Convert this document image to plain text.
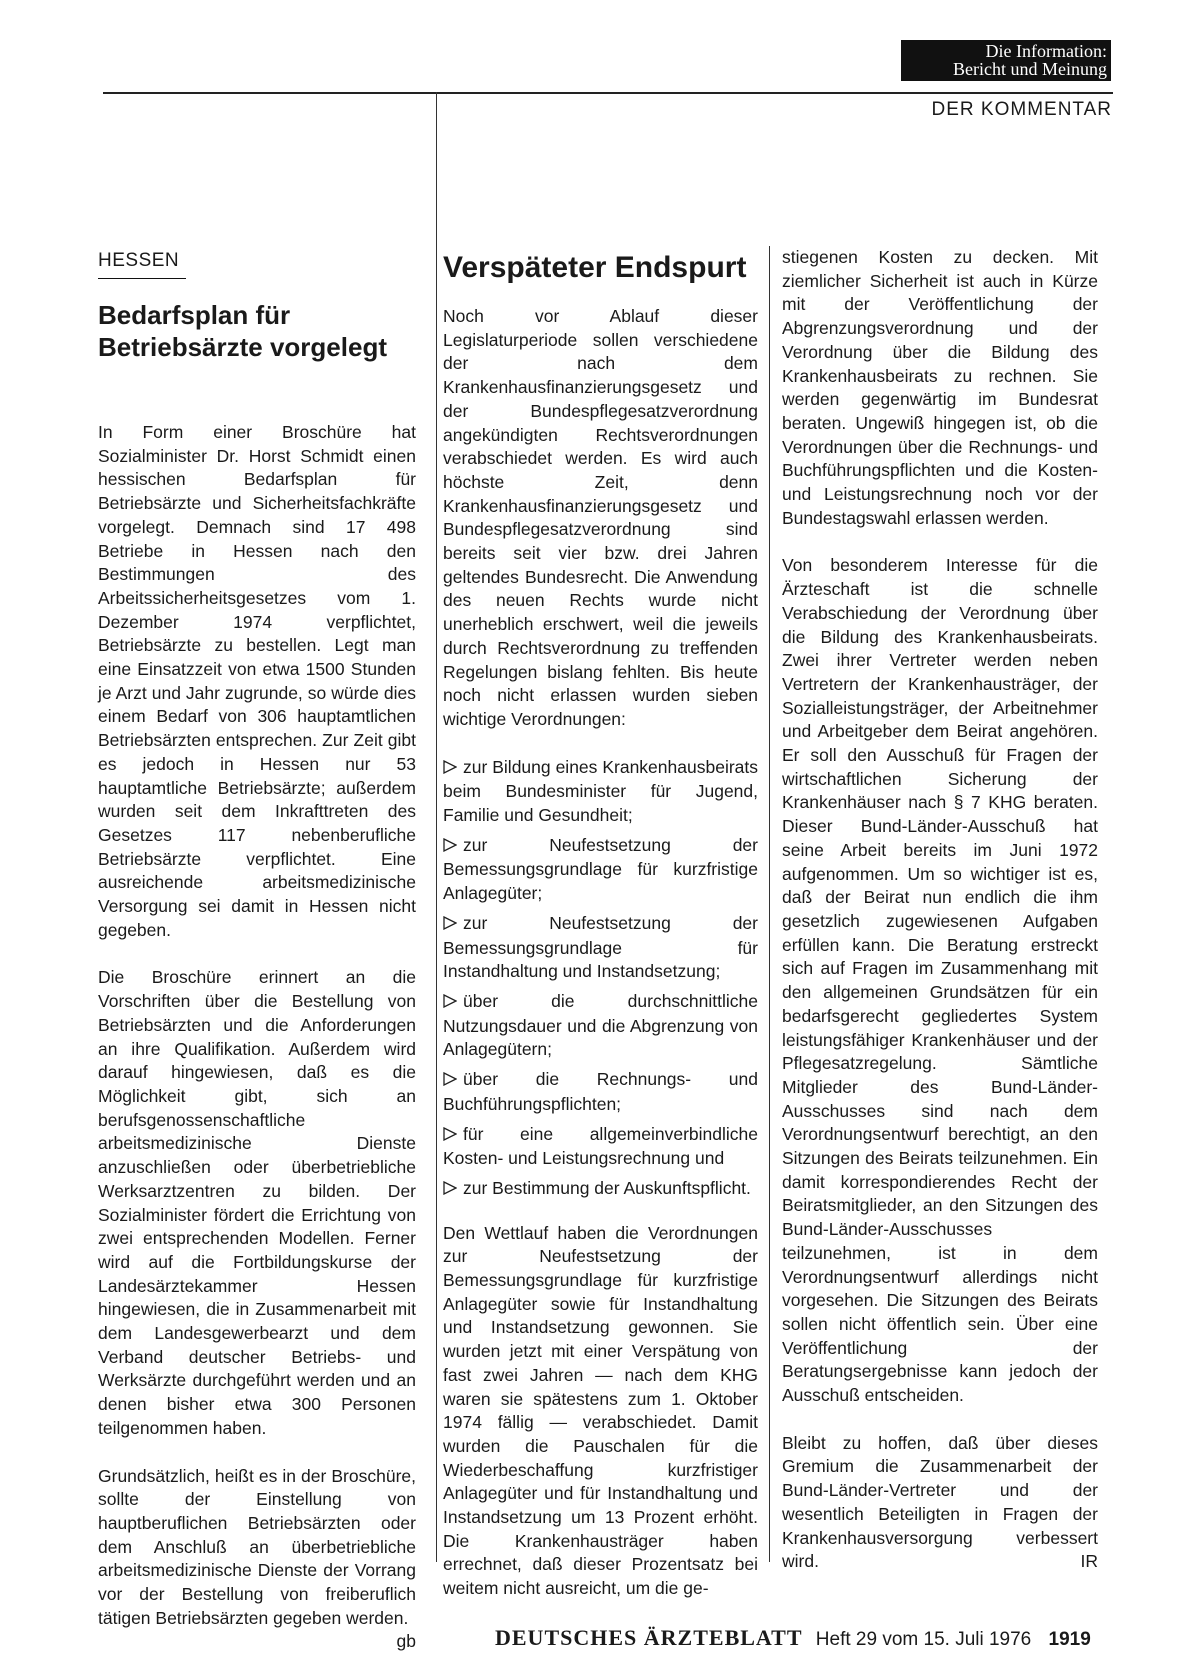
Die Information:
Bericht und Meinung
DER KOMMENTAR
HESSEN
Bedarfsplan für Betriebsärzte vorgelegt

In Form einer Broschüre hat Sozialminister Dr. Horst Schmidt einen hessischen Bedarfsplan für Betriebsärzte und Sicherheitsfachkräfte vorgelegt. Demnach sind 17 498 Betriebe in Hessen nach den Bestimmungen des Arbeitssicherheitsgesetzes vom 1. Dezember 1974 verpflichtet, Betriebsärzte zu bestellen. Legt man eine Einsatzzeit von etwa 1500 Stunden je Arzt und Jahr zugrunde, so würde dies einem Bedarf von 306 hauptamtlichen Betriebsärzten entsprechen. Zur Zeit gibt es jedoch in Hessen nur 53 hauptamtliche Betriebsärzte; außerdem wurden seit dem Inkrafttreten des Gesetzes 117 nebenberufliche Betriebsärzte verpflichtet. Eine ausreichende arbeitsmedizinische Versorgung sei damit in Hessen nicht gegeben.

Die Broschüre erinnert an die Vorschriften über die Bestellung von Betriebsärzten und die Anforderungen an ihre Qualifikation. Außerdem wird darauf hingewiesen, daß es die Möglichkeit gibt, sich an berufsgenossenschaftliche arbeitsmedizinische Dienste anzuschließen oder überbetriebliche Werksarztzentren zu bilden. Der Sozialminister fördert die Errichtung von zwei entsprechenden Modellen. Ferner wird auf die Fortbildungskurse der Landesärztekammer Hessen hingewiesen, die in Zusammenarbeit mit dem Landesgewerbearzt und dem Verband deutscher Betriebs- und Werksärzte durchgeführt werden und an denen bisher etwa 300 Personen teilgenommen haben.

Grundsätzlich, heißt es in der Broschüre, sollte der Einstellung von hauptberuflichen Betriebsärzten oder dem Anschluß an überbetriebliche arbeitsmedizinische Dienste der Vorrang vor der Bestellung von freiberuflich tätigen Betriebsärzten gegeben werden.
gb

Verspäteter Endspurt

Noch vor Ablauf dieser Legislaturperiode sollen verschiedene der nach dem Krankenhausfinanzierungsgesetz und der Bundespflegesatzverordnung angekündigten Rechtsverordnungen verabschiedet werden. Es wird auch höchste Zeit, denn Krankenhausfinanzierungsgesetz und Bundespflegesatzverordnung sind bereits seit vier bzw. drei Jahren geltendes Bundesrecht. Die Anwendung des neuen Rechts wurde nicht unerheblich erschwert, weil die jeweils durch Rechtsverordnung zu treffenden Regelungen bislang fehlten. Bis heute noch nicht erlassen wurden sieben wichtige Verordnungen:

zur Bildung eines Krankenhausbeirats beim Bundesminister für Jugend, Familie und Gesundheit;
zur Neufestsetzung der Bemessungsgrundlage für kurzfristige Anlagegüter;
zur Neufestsetzung der Bemessungsgrundlage für Instandhaltung und Instandsetzung;
über die durchschnittliche Nutzungsdauer und die Abgrenzung von Anlagegütern;
über die Rechnungs- und Buchführungspflichten;
für eine allgemeinverbindliche Kosten- und Leistungsrechnung und
zur Bestimmung der Auskunftspflicht.

Den Wettlauf haben die Verordnungen zur Neufestsetzung der Bemessungsgrundlage für kurzfristige Anlagegüter sowie für Instandhaltung und Instandsetzung gewonnen. Sie wurden jetzt mit einer Verspätung von fast zwei Jahren — nach dem KHG waren sie spätestens zum 1. Oktober 1974 fällig — verabschiedet. Damit wurden die Pauschalen für die Wiederbeschaffung kurzfristiger Anlagegüter und für Instandhaltung und Instandsetzung um 13 Prozent erhöht. Die Krankenhausträger haben errechnet, daß dieser Prozentsatz bei weitem nicht ausreicht, um die ge-

stiegenen Kosten zu decken. Mit ziemlicher Sicherheit ist auch in Kürze mit der Veröffentlichung der Abgrenzungsverordnung und der Verordnung über die Bildung des Krankenhausbeirats zu rechnen. Sie werden gegenwärtig im Bundesrat beraten. Ungewiß hingegen ist, ob die Verordnungen über die Rechnungs- und Buchführungspflichten und die Kosten- und Leistungsrechnung noch vor der Bundestagswahl erlassen werden.

Von besonderem Interesse für die Ärzteschaft ist die schnelle Verabschiedung der Verordnung über die Bildung des Krankenhausbeirats. Zwei ihrer Vertreter werden neben Vertretern der Krankenhausträger, der Sozialleistungsträger, der Arbeitnehmer und Arbeitgeber dem Beirat angehören. Er soll den Ausschuß für Fragen der wirtschaftlichen Sicherung der Krankenhäuser nach § 7 KHG beraten. Dieser Bund-Länder-Ausschuß hat seine Arbeit bereits im Juni 1972 aufgenommen. Um so wichtiger ist es, daß der Beirat nun endlich die ihm gesetzlich zugewiesenen Aufgaben erfüllen kann. Die Beratung erstreckt sich auf Fragen im Zusammenhang mit den allgemeinen Grundsätzen für ein bedarfsgerecht gegliedertes System leistungsfähiger Krankenhäuser und der Pflegesatzregelung. Sämtliche Mitglieder des Bund-Länder-Ausschusses sind nach dem Verordnungsentwurf berechtigt, an den Sitzungen des Beirats teilzunehmen. Ein damit korrespondierendes Recht der Beiratsmitglieder, an den Sitzungen des Bund-Länder-Ausschusses teilzunehmen, ist in dem Verordnungsentwurf allerdings nicht vorgesehen. Die Sitzungen des Beirats sollen nicht öffentlich sein. Über eine Veröffentlichung der Beratungsergebnisse kann jedoch der Ausschuß entscheiden.

Bleibt zu hoffen, daß über dieses Gremium die Zusammenarbeit der Bund-Länder-Vertreter und der wesentlich Beteiligten in Fragen der Krankenhausversorgung verbessert wird.	IR

DEUTSCHES ÄRZTEBLATT Heft 29 vom 15. Juli 1976 1919
